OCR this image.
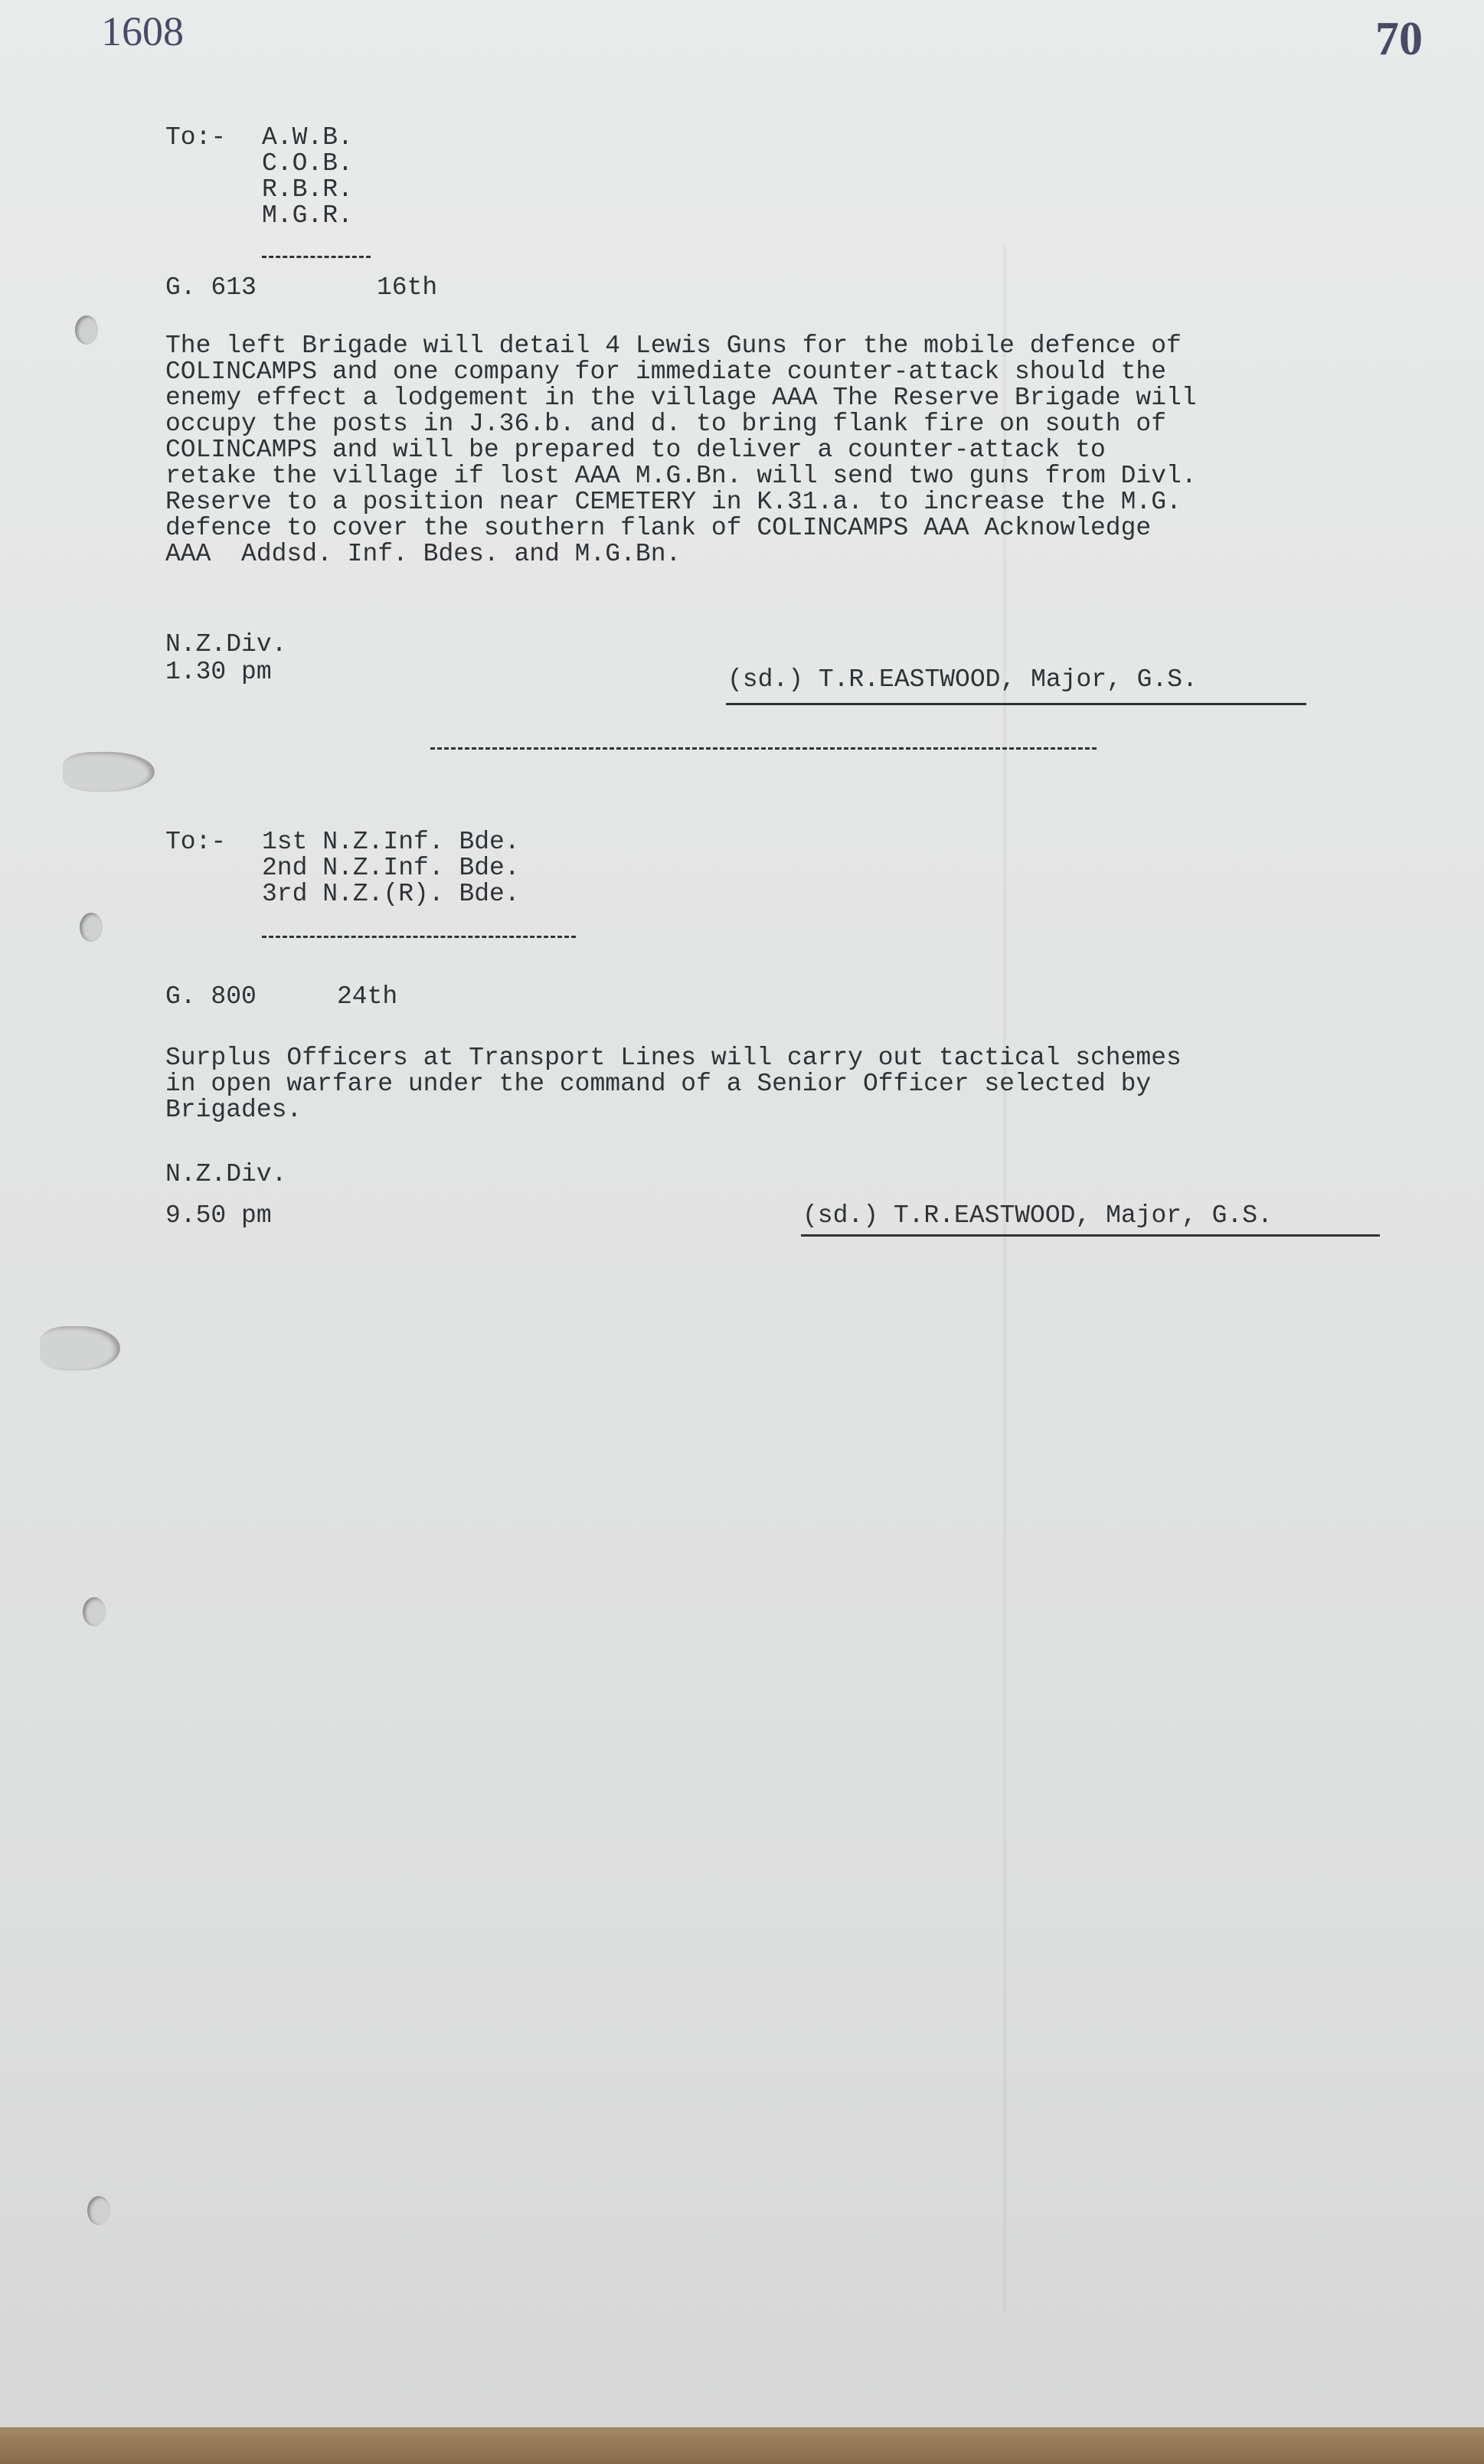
1608	70
To:- A.W.B.
C.O.B.
R.B.R.
M.G.R.
G. 613	16th
The left Brigade will detail 4 Lewis Guns for the mobile defence of
COLINCAMPS and one company for immediate counter-attack should the
enemy effect a lodgement in the village AAA The Reserve Brigade will
occupy the posts in J.36.b. and d. to bring flank fire on south of
COLINCAMPS and will be prepared to deliver a counter-attack to
retake the village if lost AAA M.G.Bn. will send two guns from Divl.
Reserve to a position near CEMETERY in K.31.a. to increase the M.G.
defence to cover the southern flank of COLINCAMPS AAA Acknowledge
AAA  Addsd. Inf. Bdes. and M.G.Bn.
N.Z.Div.
1.30 pm	(sd.) T.R.EASTWOOD, Major, G.S.
To:- 1st N.Z.Inf. Bde.
2nd N.Z.Inf. Bde.
3rd N.Z.(R). Bde.
G. 800	24th
Surplus Officers at Transport Lines will carry out tactical schemes
in open warfare under the command of a Senior Officer selected by
Brigades.
N.Z.Div.
9.50 pm	(sd.) T.R.EASTWOOD, Major, G.S.
